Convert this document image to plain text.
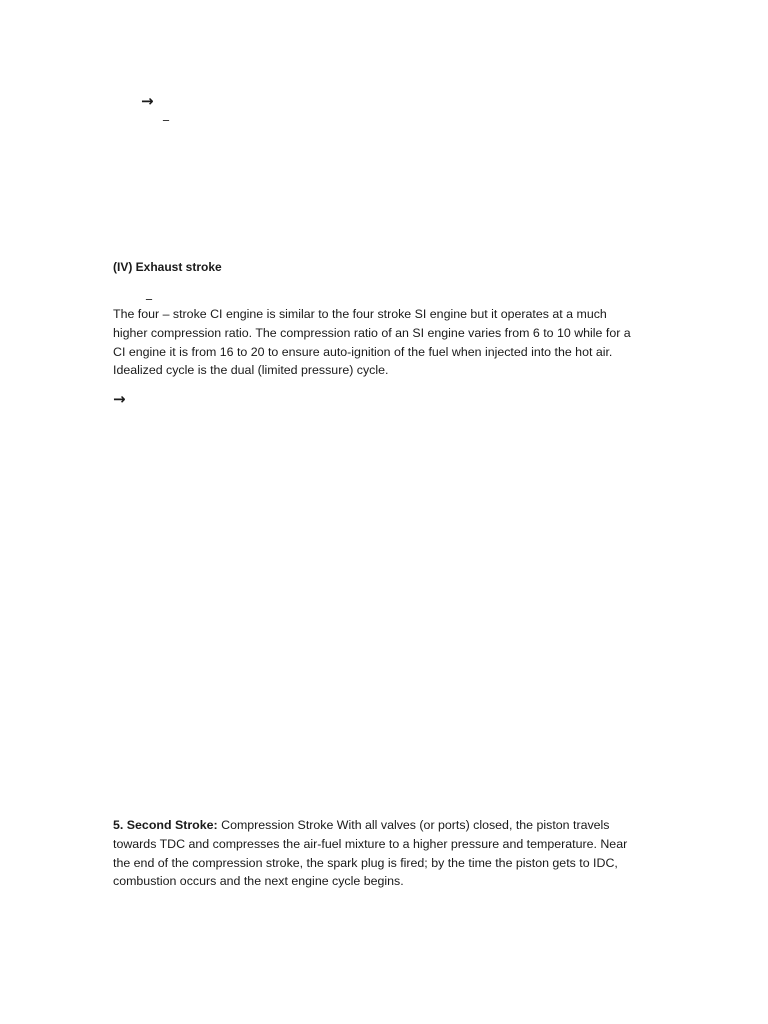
→
_
(IV) Exhaust stroke
_
The four – stroke CI engine is similar to the four stroke SI engine but it operates at a much
higher compression ratio. The compression ratio of an SI engine varies from 6 to 10 while for a
CI engine it is from 16 to 20 to ensure auto-ignition of the fuel when injected into the hot air.
Idealized cycle is the dual (limited pressure) cycle.
→
5. Second Stroke: Compression Stroke With all valves (or ports) closed, the piston travels
towards TDC and compresses the air-fuel mixture to a higher pressure and temperature. Near
the end of the compression stroke, the spark plug is fired; by the time the piston gets to IDC,
combustion occurs and the next engine cycle begins.
